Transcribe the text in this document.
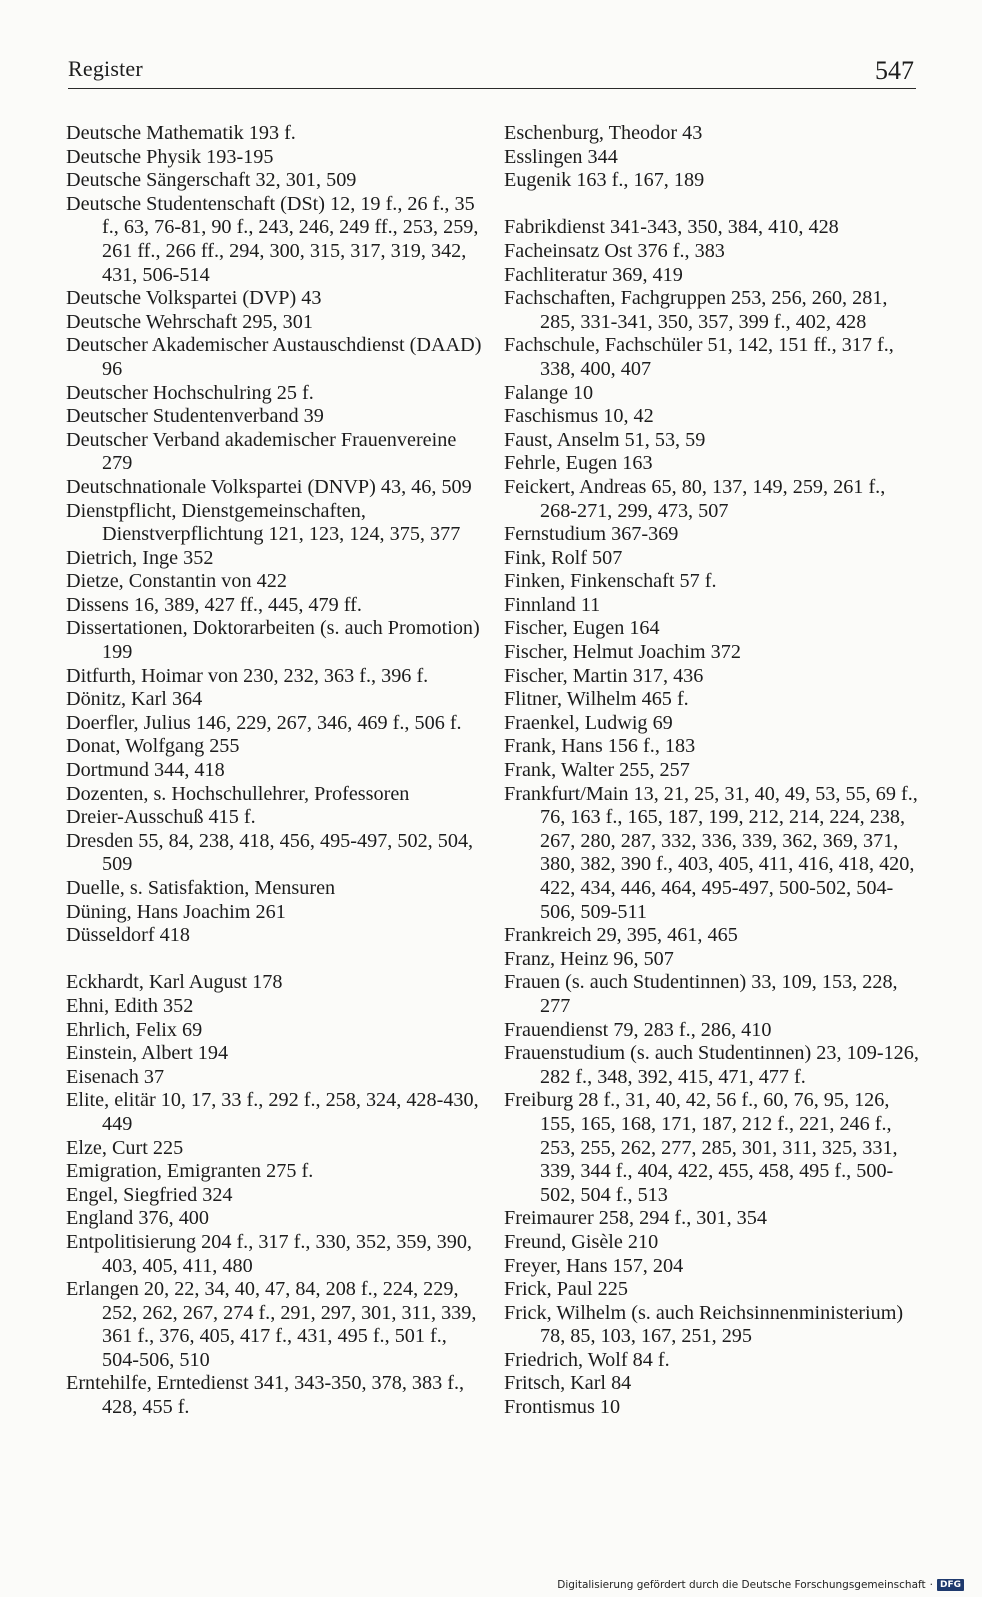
Register	547
Deutsche Mathematik 193 f.
Deutsche Physik 193-195
Deutsche Sängerschaft 32, 301, 509
Deutsche Studentenschaft (DSt) 12, 19 f., 26 f., 35 f., 63, 76-81, 90 f., 243, 246, 249 ff., 253, 259, 261 ff., 266 ff., 294, 300, 315, 317, 319, 342, 431, 506-514
Deutsche Volkspartei (DVP) 43
Deutsche Wehrschaft 295, 301
Deutscher Akademischer Austauschdienst (DAAD) 96
Deutscher Hochschulring 25 f.
Deutscher Studentenverband 39
Deutscher Verband akademischer Frauenvereine 279
Deutschnationale Volkspartei (DNVP) 43, 46, 509
Dienstpflicht, Dienstgemeinschaften, Dienstverpflichtung 121, 123, 124, 375, 377
Dietrich, Inge 352
Dietze, Constantin von 422
Dissens 16, 389, 427 ff., 445, 479 ff.
Dissertationen, Doktorarbeiten (s. auch Promotion) 199
Ditfurth, Hoimar von 230, 232, 363 f., 396 f.
Dönitz, Karl 364
Doerfler, Julius 146, 229, 267, 346, 469 f., 506 f.
Donat, Wolfgang 255
Dortmund 344, 418
Dozenten, s. Hochschullehrer, Professoren
Dreier-Ausschuß 415 f.
Dresden 55, 84, 238, 418, 456, 495-497, 502, 504, 509
Duelle, s. Satisfaktion, Mensuren
Düning, Hans Joachim 261
Düsseldorf 418
Eckhardt, Karl August 178
Ehni, Edith 352
Ehrlich, Felix 69
Einstein, Albert 194
Eisenach 37
Elite, elitär 10, 17, 33 f., 292 f., 258, 324, 428-430, 449
Elze, Curt 225
Emigration, Emigranten 275 f.
Engel, Siegfried 324
England 376, 400
Entpolitisierung 204 f., 317 f., 330, 352, 359, 390, 403, 405, 411, 480
Erlangen 20, 22, 34, 40, 47, 84, 208 f., 224, 229, 252, 262, 267, 274 f., 291, 297, 301, 311, 339, 361 f., 376, 405, 417 f., 431, 495 f., 501 f., 504-506, 510
Erntehilfe, Erntedienst 341, 343-350, 378, 383 f., 428, 455 f.
Eschenburg, Theodor 43
Esslingen 344
Eugenik 163 f., 167, 189
Fabrikdienst 341-343, 350, 384, 410, 428
Facheinsatz Ost 376 f., 383
Fachliteratur 369, 419
Fachschaften, Fachgruppen 253, 256, 260, 281, 285, 331-341, 350, 357, 399 f., 402, 428
Fachschule, Fachschüler 51, 142, 151 ff., 317 f., 338, 400, 407
Falange 10
Faschismus 10, 42
Faust, Anselm 51, 53, 59
Fehrle, Eugen 163
Feickert, Andreas 65, 80, 137, 149, 259, 261 f., 268-271, 299, 473, 507
Fernstudium 367-369
Fink, Rolf 507
Finken, Finkenschaft 57 f.
Finnland 11
Fischer, Eugen 164
Fischer, Helmut Joachim 372
Fischer, Martin 317, 436
Flitner, Wilhelm 465 f.
Fraenkel, Ludwig 69
Frank, Hans 156 f., 183
Frank, Walter 255, 257
Frankfurt/Main 13, 21, 25, 31, 40, 49, 53, 55, 69 f., 76, 163 f., 165, 187, 199, 212, 214, 224, 238, 267, 280, 287, 332, 336, 339, 362, 369, 371, 380, 382, 390 f., 403, 405, 411, 416, 418, 420, 422, 434, 446, 464, 495-497, 500-502, 504-506, 509-511
Frankreich 29, 395, 461, 465
Franz, Heinz 96, 507
Frauen (s. auch Studentinnen) 33, 109, 153, 228, 277
Frauendienst 79, 283 f., 286, 410
Frauenstudium (s. auch Studentinnen) 23, 109-126, 282 f., 348, 392, 415, 471, 477 f.
Freiburg 28 f., 31, 40, 42, 56 f., 60, 76, 95, 126, 155, 165, 168, 171, 187, 212 f., 221, 246 f., 253, 255, 262, 277, 285, 301, 311, 325, 331, 339, 344 f., 404, 422, 455, 458, 495 f., 500-502, 504 f., 513
Freimaurer 258, 294 f., 301, 354
Freund, Gisèle 210
Freyer, Hans 157, 204
Frick, Paul 225
Frick, Wilhelm (s. auch Reichsinnenministerium) 78, 85, 103, 167, 251, 295
Friedrich, Wolf 84 f.
Fritsch, Karl 84
Frontismus 10
Digitalisierung gefördert durch die Deutsche Forschungsgemeinschaft · DFG
